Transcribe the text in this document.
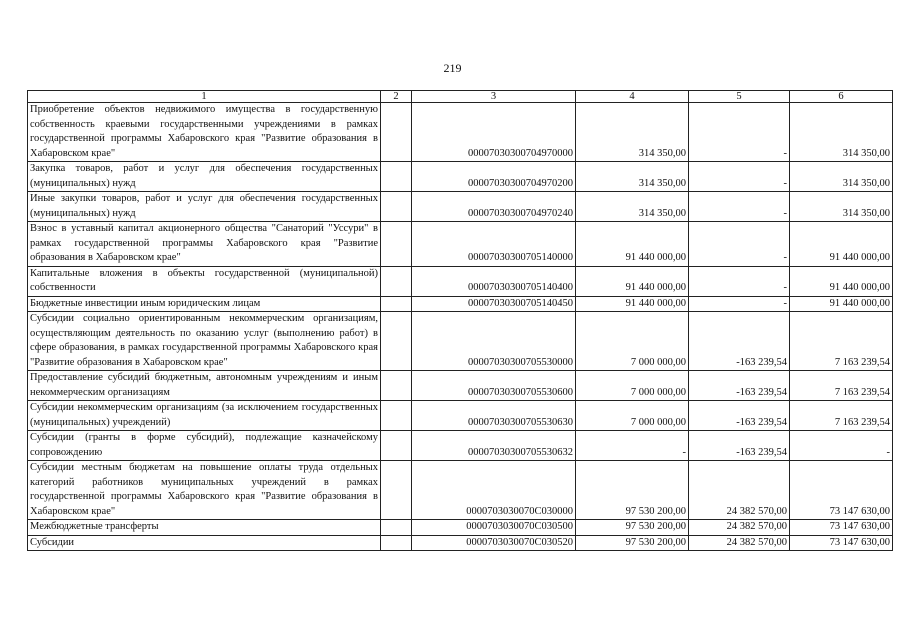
219
1	2	3	4	5	6
Приобретение объектов недвижимого имущества в государственную собственность краевыми государственными учреждениями в рамках государственной программы Хабаровского края "Развитие образования в Хабаровском крае"		00007030300704970000	314 350,00	-	314 350,00
Закупка товаров, работ и услуг для обеспечения государственных (муниципальных) нужд		00007030300704970200	314 350,00	-	314 350,00
Иные закупки товаров, работ и услуг для обеспечения государственных (муниципальных) нужд		00007030300704970240	314 350,00	-	314 350,00
Взнос в уставный капитал акционерного общества "Санаторий "Уссури" в рамках государственной программы Хабаровского края "Развитие образования в Хабаровском крае"		00007030300705140000	91 440 000,00	-	91 440 000,00
Капитальные вложения в объекты государственной (муниципальной) собственности		00007030300705140400	91 440 000,00	-	91 440 000,00
Бюджетные инвестиции иным юридическим лицам		00007030300705140450	91 440 000,00	-	91 440 000,00
Субсидии социально ориентированным некоммерческим организациям, осуществляющим деятельность по оказанию услуг (выполнению работ) в сфере образования, в рамках государственной программы Хабаровского края "Развитие образования в Хабаровском крае"		00007030300705530000	7 000 000,00	-163 239,54	7 163 239,54
Предоставление субсидий бюджетным, автономным учреждениям и иным некоммерческим организациям		00007030300705530600	7 000 000,00	-163 239,54	7 163 239,54
Субсидии некоммерческим организациям (за исключением государственных (муниципальных) учреждений)		00007030300705530630	7 000 000,00	-163 239,54	7 163 239,54
Субсидии (гранты в форме субсидий), подлежащие казначейскому сопровождению		00007030300705530632	-	-163 239,54	-
Субсидии местным бюджетам на повышение оплаты труда отдельных категорий работников муниципальных учреждений в рамках государственной программы Хабаровского края "Развитие образования в Хабаровском крае"		0000703030070C030000	97 530 200,00	24 382 570,00	73 147 630,00
Межбюджетные трансферты		0000703030070C030500	97 530 200,00	24 382 570,00	73 147 630,00
Субсидии		0000703030070C030520	97 530 200,00	24 382 570,00	73 147 630,00
